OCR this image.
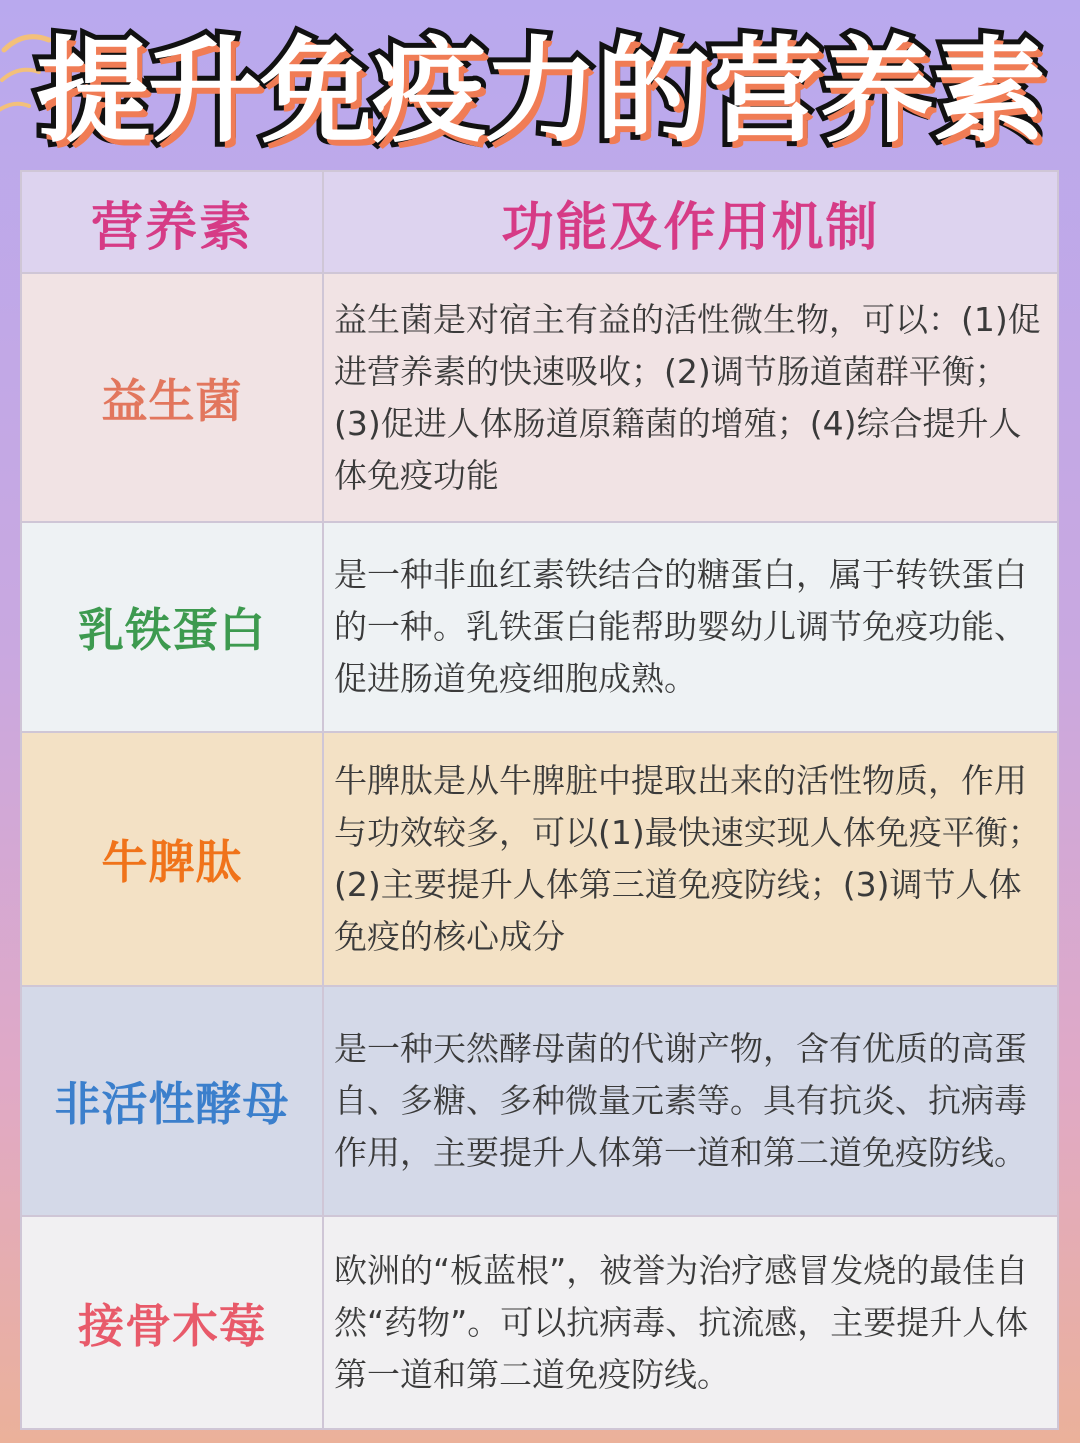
提升免疫力的营养素
营养素	功能及作用机制
益生菌	益生菌是对宿主有益的活性微生物，可以：(1)促进营养素的快速吸收；(2)调节肠道菌群平衡；(3)促进人体肠道原籍菌的增殖；(4)综合提升人体免疫功能
乳铁蛋白	是一种非血红素铁结合的糖蛋白，属于转铁蛋白的一种。乳铁蛋白能帮助婴幼儿调节免疫功能、促进肠道免疫细胞成熟。
牛脾肽	牛脾肽是从牛脾脏中提取出来的活性物质，作用与功效较多，可以(1)最快速实现人体免疫平衡；(2)主要提升人体第三道免疫防线；(3)调节人体免疫的核心成分
非活性酵母	是一种天然酵母菌的代谢产物，含有优质的高蛋自、多糖、多种微量元素等。具有抗炎、抗病毒作用，主要提升人体第一道和第二道免疫防线。
接骨木莓	欧洲的“板蓝根”，被誉为治疗感冒发烧的最佳自然“药物”。可以抗病毒、抗流感，主要提升人体第一道和第二道免疫防线。
